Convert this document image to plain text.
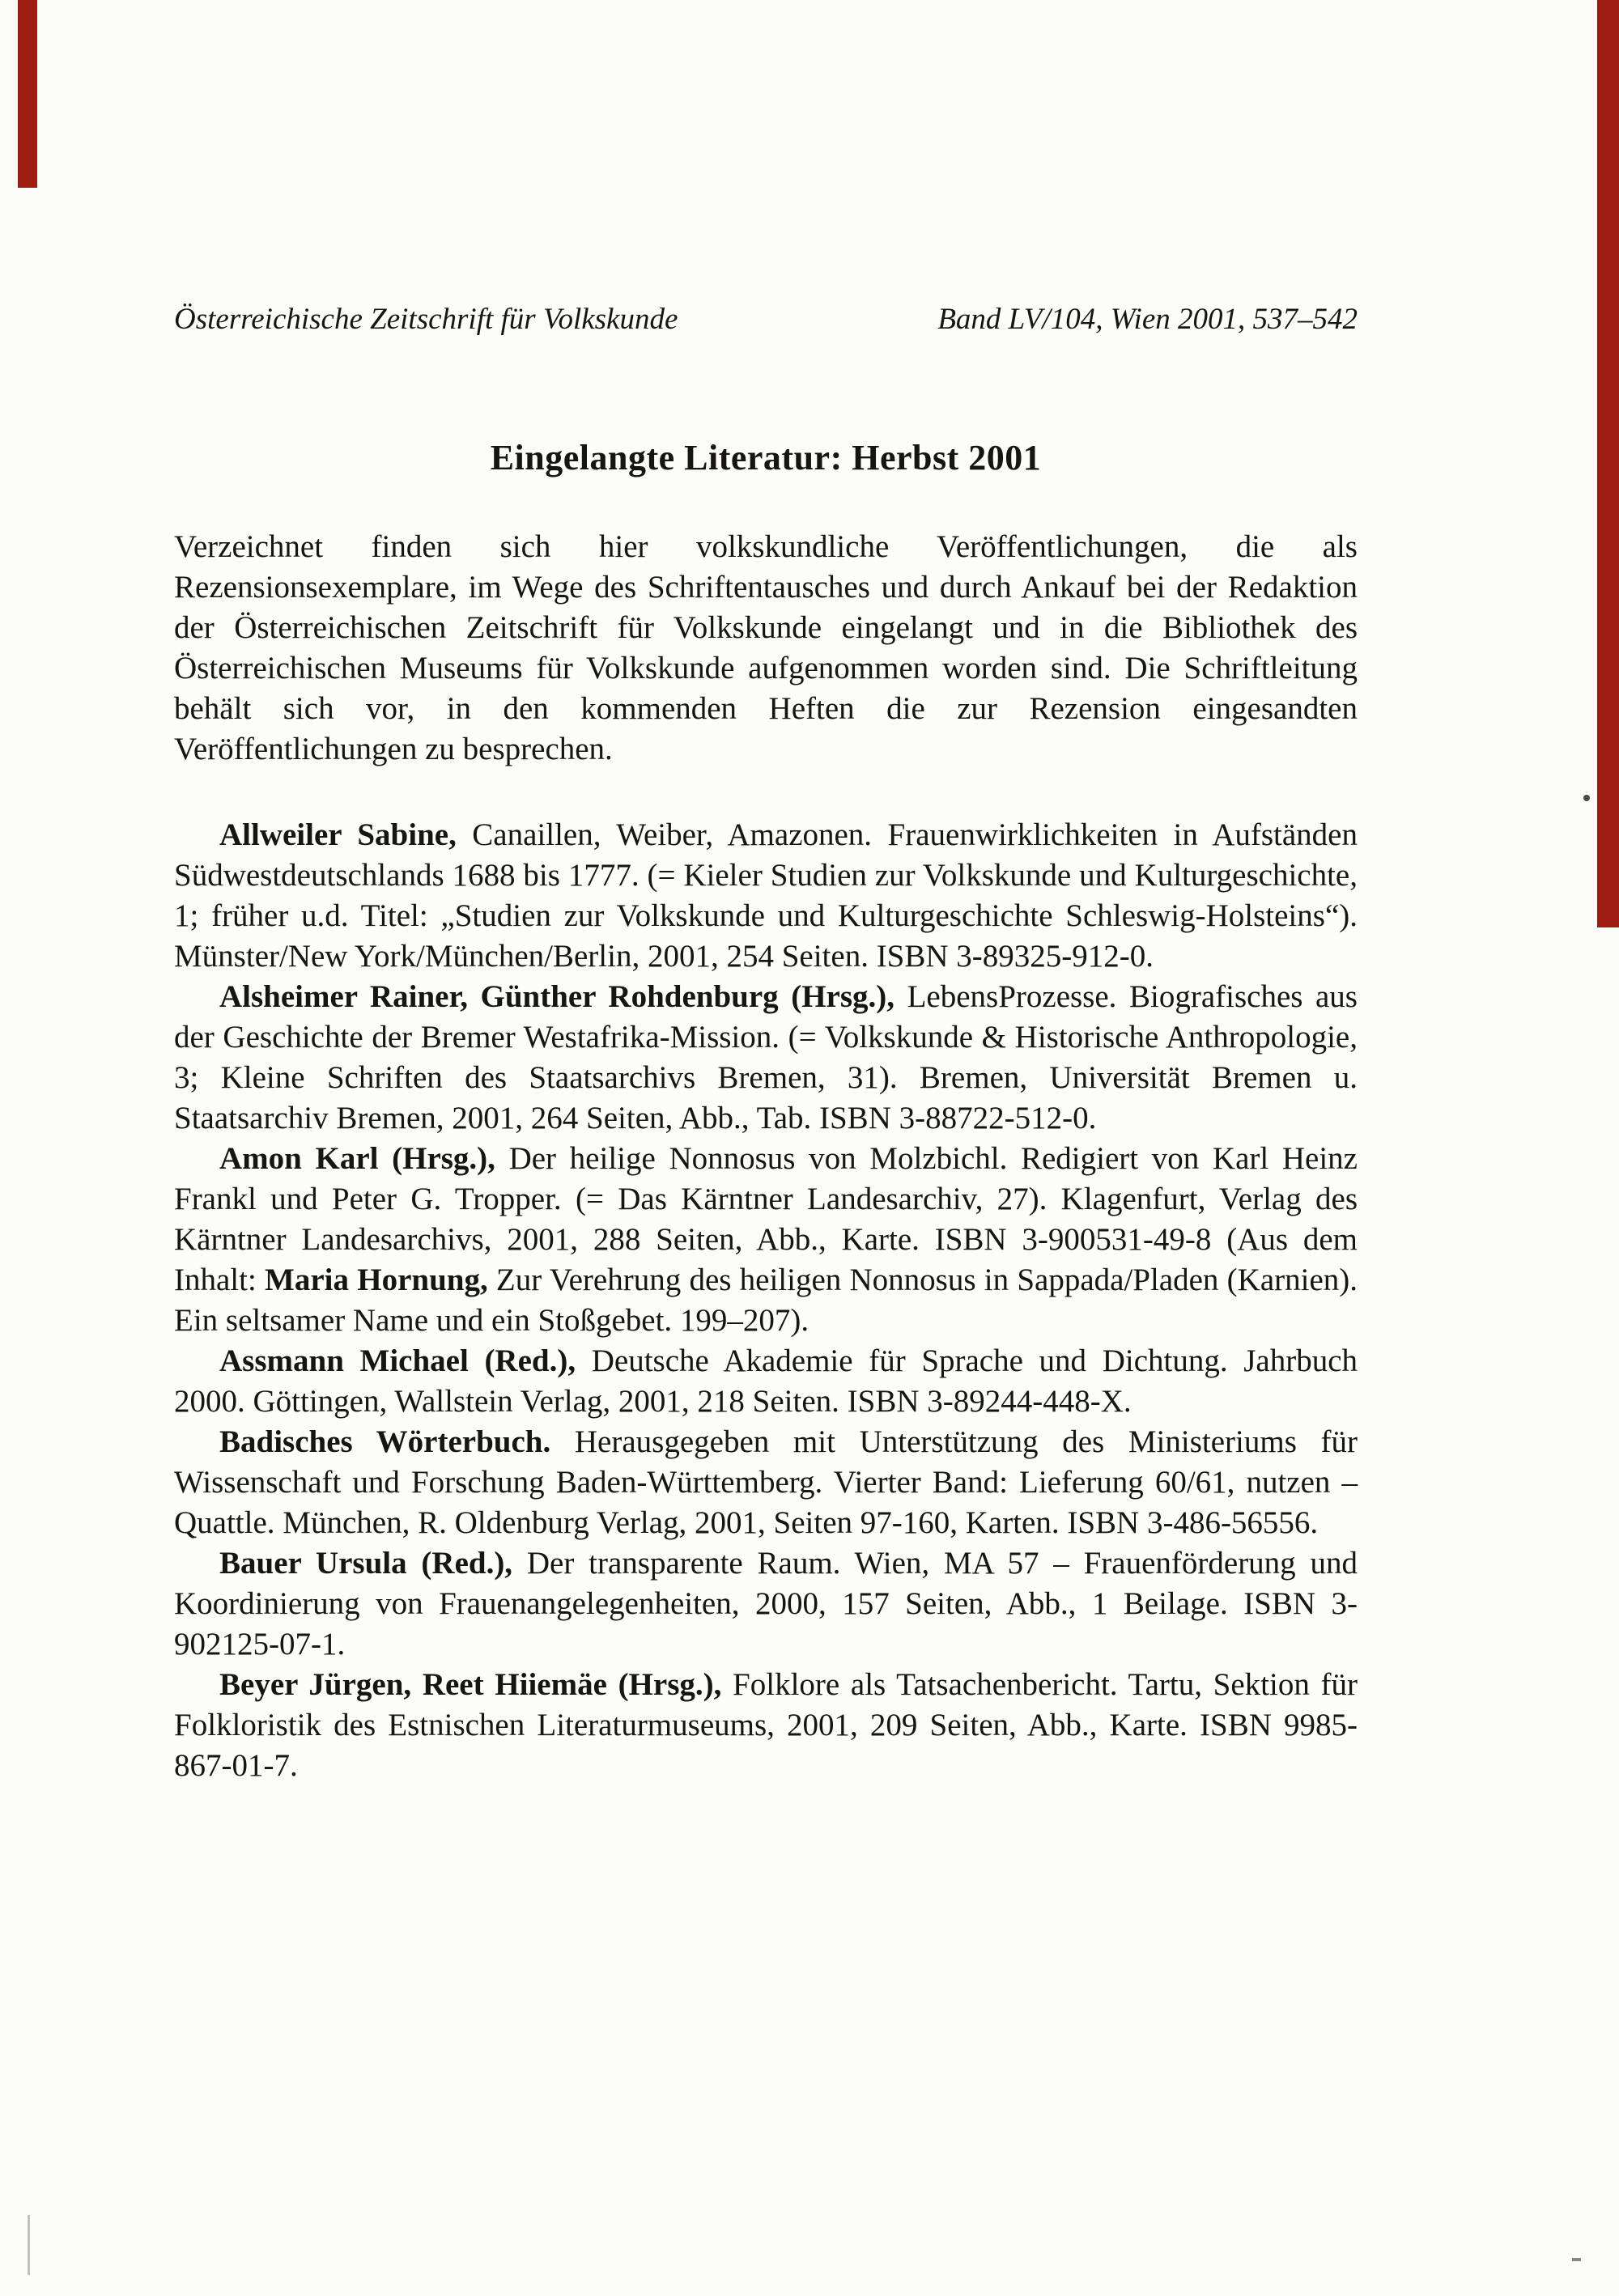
Österreichische Zeitschrift für Volkskunde	Band LV/104, Wien 2001, 537–542
Eingelangte Literatur: Herbst 2001

Verzeichnet finden sich hier volkskundliche Veröffentlichungen, die als Rezensionsexemplare, im Wege des Schriftentausches und durch Ankauf bei der Redaktion der Österreichischen Zeitschrift für Volkskunde eingelangt und in die Bibliothek des Österreichischen Museums für Volkskunde aufgenommen worden sind. Die Schriftleitung behält sich vor, in den kommenden Heften die zur Rezension eingesandten Veröffentlichungen zu besprechen.

Allweiler Sabine, Canaillen, Weiber, Amazonen. Frauenwirklichkeiten in Aufständen Südwestdeutschlands 1688 bis 1777. (= Kieler Studien zur Volkskunde und Kulturgeschichte, 1; früher u.d. Titel: „Studien zur Volkskunde und Kulturgeschichte Schleswig-Holsteins“). Münster/New York/München/Berlin, 2001, 254 Seiten. ISBN 3-89325-912-0.

Alsheimer Rainer, Günther Rohdenburg (Hrsg.), LebensProzesse. Biografisches aus der Geschichte der Bremer Westafrika-Mission. (= Volkskunde & Historische Anthropologie, 3; Kleine Schriften des Staatsarchivs Bremen, 31). Bremen, Universität Bremen u. Staatsarchiv Bremen, 2001, 264 Seiten, Abb., Tab. ISBN 3-88722-512-0.

Amon Karl (Hrsg.), Der heilige Nonnosus von Molzbichl. Redigiert von Karl Heinz Frankl und Peter G. Tropper. (= Das Kärntner Landesarchiv, 27). Klagenfurt, Verlag des Kärntner Landesarchivs, 2001, 288 Seiten, Abb., Karte. ISBN 3-900531-49-8 (Aus dem Inhalt: Maria Hornung, Zur Verehrung des heiligen Nonnosus in Sappada/Pladen (Karnien). Ein seltsamer Name und ein Stoßgebet. 199–207).

Assmann Michael (Red.), Deutsche Akademie für Sprache und Dichtung. Jahrbuch 2000. Göttingen, Wallstein Verlag, 2001, 218 Seiten. ISBN 3-89244-448-X.

Badisches Wörterbuch. Herausgegeben mit Unterstützung des Ministeriums für Wissenschaft und Forschung Baden-Württemberg. Vierter Band: Lieferung 60/61, nutzen – Quattle. München, R. Oldenburg Verlag, 2001, Seiten 97-160, Karten. ISBN 3-486-56556.

Bauer Ursula (Red.), Der transparente Raum. Wien, MA 57 – Frauenförderung und Koordinierung von Frauenangelegenheiten, 2000, 157 Seiten, Abb., 1 Beilage. ISBN 3-902125-07-1.

Beyer Jürgen, Reet Hiiemäe (Hrsg.), Folklore als Tatsachenbericht. Tartu, Sektion für Folkloristik des Estnischen Literaturmuseums, 2001, 209 Seiten, Abb., Karte. ISBN 9985-867-01-7.
